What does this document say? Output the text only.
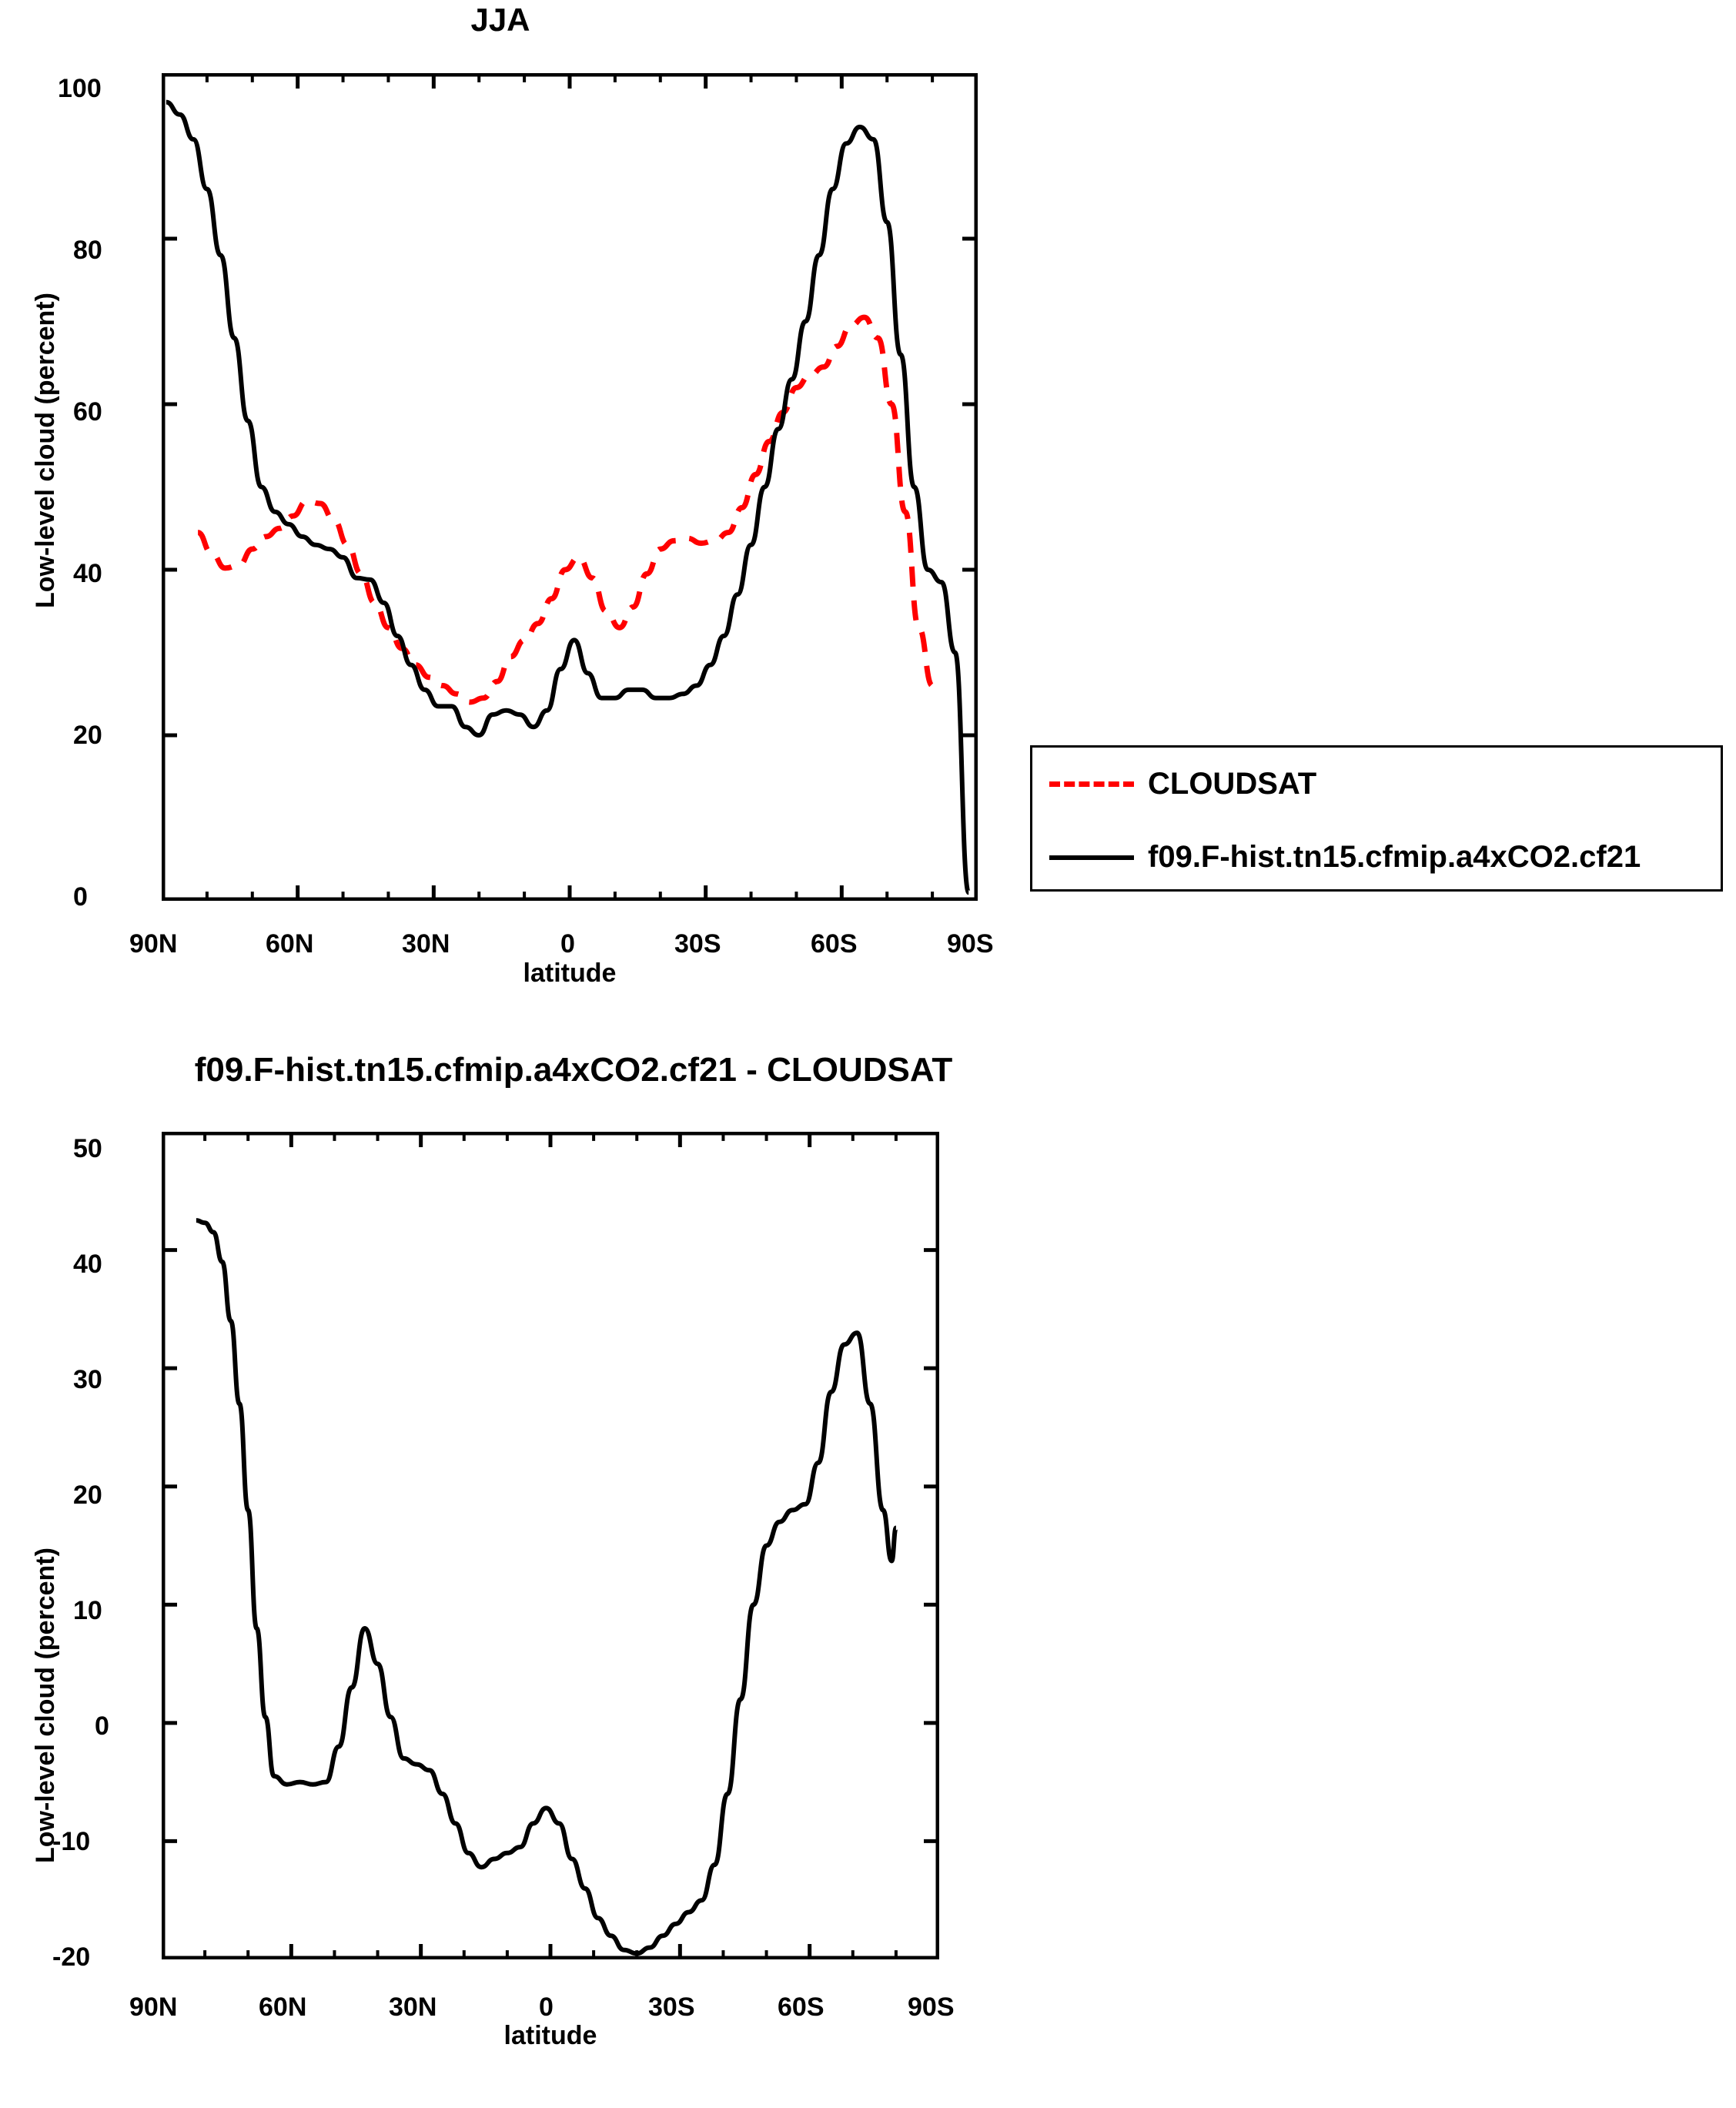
JJA
Low-level cloud (percent)
latitude
0
20
40
60
80
100
90N	60N	30N	0	30S	60S	90S
CLOUDSAT
f09.F-hist.tn15.cfmip.a4xCO2.cf21
f09.F-hist.tn15.cfmip.a4xCO2.cf21 - CLOUDSAT
Low-level cloud (percent)
latitude
-20
-10
0
10
20
30
40
50
90N	60N	30N	0	30S	60S	90S
